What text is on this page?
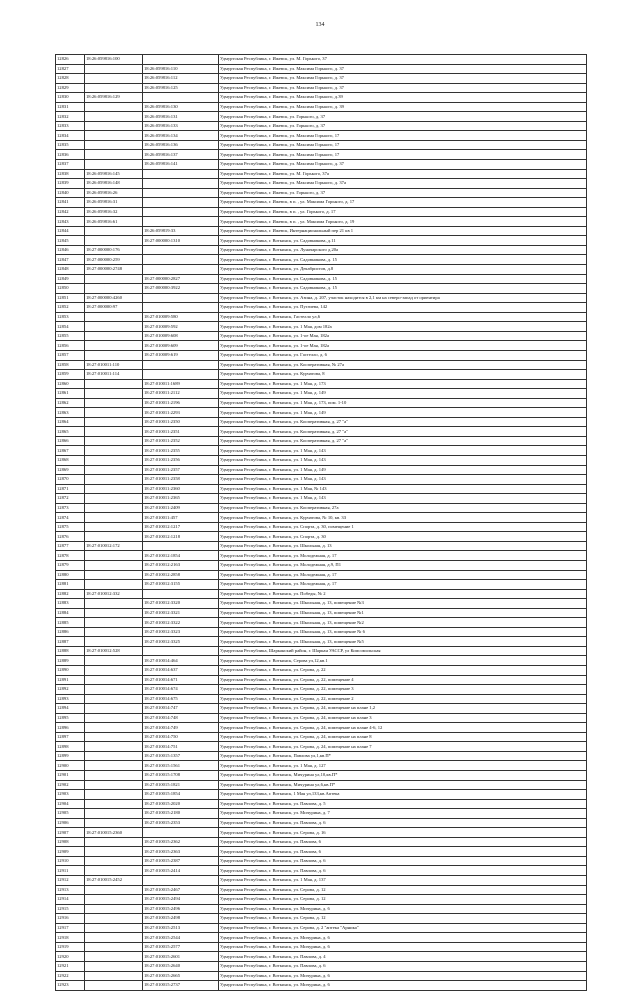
134
12826	18:26:059816:100		Удмуртская Республика, г. Ижевск, ул. М. Горького, 37
12827		18:26:059816:110	Удмуртская Республика, г. Ижевск, ул. Максима Горького, д. 37
12828		18:26:059816:112	Удмуртская Республика, г. Ижевск, ул. Максима Горького, д. 37
12829		18:26:059816:125	Удмуртская Республика, г. Ижевск, ул. Максима Горького, д. 37
12830	18:26:059816:129		Удмуртская Республика, г. Ижевск, ул. Максима Горького, д.39
12831		18:26:059816:130	Удмуртская Республика, г. Ижевск, ул. Максима Горького, д. 39
12832		18:26:059816:131	Удмуртская Республика, г. Ижевск, ул. Горького, д. 37
12833		18:26:059816:133	Удмуртская Республика, г. Ижевск, ул. Горького, д. 37
12834		18:26:059816:134	Удмуртская Республика, г. Ижевск, ул. Максима Горького, 17
12835		18:26:059816:136	Удмуртская Республика, г. Ижевск, ул. Максима Горького, 17
12836		18:26:059816:137	Удмуртская Республика, г. Ижевск, ул. Максима Горького, 17
12837		18:26:059816:141	Удмуртская Республика, г. Ижевск, ул. Максима Горького, д. 37
12838	18:26:059816:145		Удмуртская Республика, г. Ижевск, ул. М. Горького, 37а
12839	18:26:059816:148		Удмуртская Республика, г. Ижевск, ул. Максима Горького, д. 37а
12840	18:26:059816:26		Удмуртская Республика, г. Ижевск, ул. Горького, д. 37
12841	18:26:059816:31		Удмуртская Республика, г. Ижевск, в п. , ул. Максима Горького, д. 17
12842	18:26:059816:32		Удмуртская Республика, г. Ижевск, в п. , ул. Горького, д. 17
12843	18:26:059816:61		Удмуртская Республика, г. Ижевск, в п. , ул. Максима Горького, д. 19
12844		18:26:059819:33	Удмуртская Республика, г. Ижевск, Интернациональный пер 21 кв 1
12845		18:27:000000:1310	Удмуртская Республика, г. Воткинск, ул. Садовникова, д.11
12846	18:27:000000:176		Удмуртская Республика, г. Воткинск, ул. Луначарского д.20а
12847	18:27:000000:259		Удмуртская Республика, г. Воткинск, ул. Садовникова, д. 15
12848	18:27:000000:2748		Удмуртская Республика, г. Воткинск, ул. Декабристов, д.8
12849		18:27:000000:2827	Удмуртская Республика, г. Воткинск, ул. Садовникова, д. 15
12850		18:27:000000:3922	Удмуртская Республика, г. Воткинск, ул. Садовникова, д. 15
12851	18:27:000000:4260		Удмуртская Республика, г. Воткинск, ул. Азина, д. 207, участок находится в 2,1 км на северо-запад от ориентира
12852	18:27:000000:97		Удмуртская Республика, г. Воткинск, ул. Пугачева, 142
12853		18:27:010009:580	Удмуртская Республика, г. Воткинск, Гастелло ул,6
12854		18:27:010009:592	Удмуртская Республика, г. Воткинск, ул. 1 Мая, дом 182а
12855		18:27:010009:608	Удмуртская Республика, г. Воткинск, ул. 1-ое Мая, 182а
12856		18:27:010009:609	Удмуртская Республика, г. Воткинск, ул. 1-ое Мая, 182а
12857		18:27:010009:619	Удмуртская Республика, г. Воткинск, ул. Гастелло, д. 6
12858	18:27:010011:110		Удмуртская Республика, г. Воткинск, ул. Кооперативная, № 27а
12859	18:27:010011:114		Удмуртская Республика, г. Воткинск, ул. Курчатова, 8
12860		18:27:010011:1689	Удмуртская Республика, г. Воткинск, ул. 1 Мая, д. 173
12861		18:27:010011:2112	Удмуртская Республика, г. Воткинск, ул. 1 Мая, д. 149
12862		18:27:010011:2196	Удмуртская Республика, г. Воткинск, ул. 1 Мая, д. 173, пом. 1-10
12863		18:27:010011:2293	Удмуртская Республика, г. Воткинск, ул. 1 Мая, д. 149
12864		18:27:010011:2350	Удмуртская Республика, г. Воткинск, ул. Кооперативная, д. 27 "а"
12865		18:27:010011:2351	Удмуртская Республика, г. Воткинск, ул. Кооперативная, д. 27 "а"
12866		18:27:010011:2352	Удмуртская Республика, г. Воткинск, ул. Кооперативная, д. 27 "а"
12867		18:27:010011:2355	Удмуртская Республика, г. Воткинск, ул. 1 Мая, д. 143
12868		18:27:010011:2356	Удмуртская Республика, г. Воткинск, ул. 1 Мая, д. 143
12869		18:27:010011:2357	Удмуртская Республика, г. Воткинск, ул. 1 Мая, д. 149
12870		18:27:010011:2358	Удмуртская Республика, г. Воткинск, ул. 1 Мая, д. 143
12871		18:27:010011:2360	Удмуртская Республика, г. Воткинск, ул. 1 Мая, № 143
12872		18:27:010011:2365	Удмуртская Республика, г. Воткинск, ул. 1 Мая, д. 143
12873		18:27:010011:2409	Удмуртская Республика, г. Воткинск, ул. Кооперативная, 27а
12874		18:27:010011:457	Удмуртская Республика, г. Воткинск, ул. Курчатова, № 10, кв. 33
12875		18:27:010012:1217	Удмуртская Республика, г. Воткинск, ул. Спорта, д. 30, помещение 1
12876		18:27:010012:1218	Удмуртская Республика, г. Воткинск, ул. Спорта, д. 30
12877	18:27:010012:172		Удмуртская Республика, г. Воткинск, ул. Школьная, д. 13
12878		18:27:010012:1854	Удмуртская Республика, г. Воткинск, ул. Молодежная, д. 17
12879		18:27:010012:2163	Удмуртская Республика, г. Воткинск, ул. Молодежная, д.9, П1
12880		18:27:010012:2858	Удмуртская Республика, г. Воткинск, ул. Молодежная, д. 17
12881		18:27:010012:3155	Удмуртская Республика, г. Воткинск, ул. Молодежная, д. 17
12882	18:27:010012:332		Удмуртская Республика, г. Воткинск, ул. Победы, № 2
12883		18:27:010012:3320	Удмуртская Республика, г. Воткинск, ул. Школьная, д. 13, помещение №3
12884		18:27:010012:3321	Удмуртская Республика, г. Воткинск, ул. Школьная, д. 13, помещение №1
12885		18:27:010012:3322	Удмуртская Республика, г. Воткинск, ул. Школьная, д. 13, помещение №2
12886		18:27:010012:3323	Удмуртская Республика, г. Воткинск, ул. Школьная, д. 13, помещение № 6
12887		18:27:010012:3325	Удмуртская Республика, г. Воткинск, ул. Школьная, д. 13, помещение №5
12888	18:27:010012:528		Удмуртская Республика, Шарканский район, г. Шаркан УАССР, ул Комсомольская
12889		18:27:010014:464	Удмуртская Республика, г. Воткинск, Серова ул,12,кв.1
12890		18:27:010014:637	Удмуртская Республика, г. Воткинск, ул. Серова, д. 22
12891		18:27:010014:671	Удмуртская Республика, г. Воткинск, ул. Серова, д. 22, помещение 4
12892		18:27:010014:674	Удмуртская Республика, г. Воткинск, ул. Серова, д. 22, помещение 3
12893		18:27:010014:675	Удмуртская Республика, г. Воткинск, ул. Серова, д. 22, помещение 2
12894		18:27:010014:747	Удмуртская Республика, г. Воткинск, ул. Серова, д. 24, помещение на плане 1,2
12895		18:27:010014:748	Удмуртская Республика, г. Воткинск, ул. Серова, д. 24, помещение на плане 3
12896		18:27:010014:749	Удмуртская Республика, г. Воткинск, ул. Серова, д. 24, помещение на плане 4-6, 12
12897		18:27:010014:750	Удмуртская Республика, г. Воткинск, ул. Серова, д. 24, помещение на плане 8
12898		18:27:010014:751	Удмуртская Республика, г. Воткинск, ул. Серова, д. 24, помещение на плане 7
12899		18:27:010015:1357	Удмуртская Республика, г. Воткинск, Павлова ул,1,кв.П*
12900		18:27:010015:1561	Удмуртская Республика, г. Воткинск, ул. 1 Мая, д. 127
12901		18:27:010015:1708	Удмуртская Республика, г. Воткинск, Мичурина ул,10,кв.П*
12902		18:27:010015:1821	Удмуртская Республика, г. Воткинск, Мичурина ул,6,кв.П*
12903		18:27:010015:1854	Удмуртская Республика, г. Воткинск, 1 Мая ул,133,кв.Аптека
12904		18:27:010015:2020	Удмуртская Республика, г. Воткинск, ул. Павлова, д. 5
12905		18:27:010015:2180	Удмуртская Республика, г. Воткинск, ул. Мичурина, д. 7
12906		18:27:010015:2353	Удмуртская Республика, г. Воткинск, ул. Павлова, д. 6
12907	18:27:010015:2360		Удмуртская Республика, г. Воткинск, ул. Серова, д. 16
12908		18:27:010015:2362	Удмуртская Республика, г. Воткинск, ул. Павлова, 6
12909		18:27:010015:2363	Удмуртская Республика, г. Воткинск, ул. Павлова, 6
12910		18:27:010015:2387	Удмуртская Республика, г. Воткинск, ул. Павлова, д. 6
12911		18:27:010015:2414	Удмуртская Республика, г. Воткинск, ул. Павлова, д. 6
12912	18:27:010015:2452		Удмуртская Республика, г. Воткинск, ул. 1 Мая, д. 137
12913		18:27:010015:2467	Удмуртская Республика, г. Воткинск, ул. Серова, д. 12
12914		18:27:010015:2494	Удмуртская Республика, г. Воткинск, ул. Серова, д. 12
12915		18:27:010015:2496	Удмуртская Республика, г. Воткинск, ул. Мичурина, д. 6
12916		18:27:010015:2498	Удмуртская Республика, г. Воткинск, ул. Серова, д. 12
12917		18:27:010015:2513	Удмуртская Республика, г. Воткинск, ул. Серова, д. 2 "аптека "Арника"
12918		18:27:010015:2544	Удмуртская Республика, г. Воткинск, ул. Мичурина, д. 6
12919		18:27:010015:2577	Удмуртская Республика, г. Воткинск, ул. Мичурина, д. 6
12920		18:27:010015:2601	Удмуртская Республика, г. Воткинск, ул. Павлова, д. 4
12921		18:27:010015:2640	Удмуртская Республика, г. Воткинск, ул. Павлова, д. 6
12922		18:27:010015:2665	Удмуртская Республика, г. Воткинск, ул. Мичурина, д. 6
12923		18:27:010015:2737	Удмуртская Республика, г. Воткинск, ул. Мичурина, д. 6
